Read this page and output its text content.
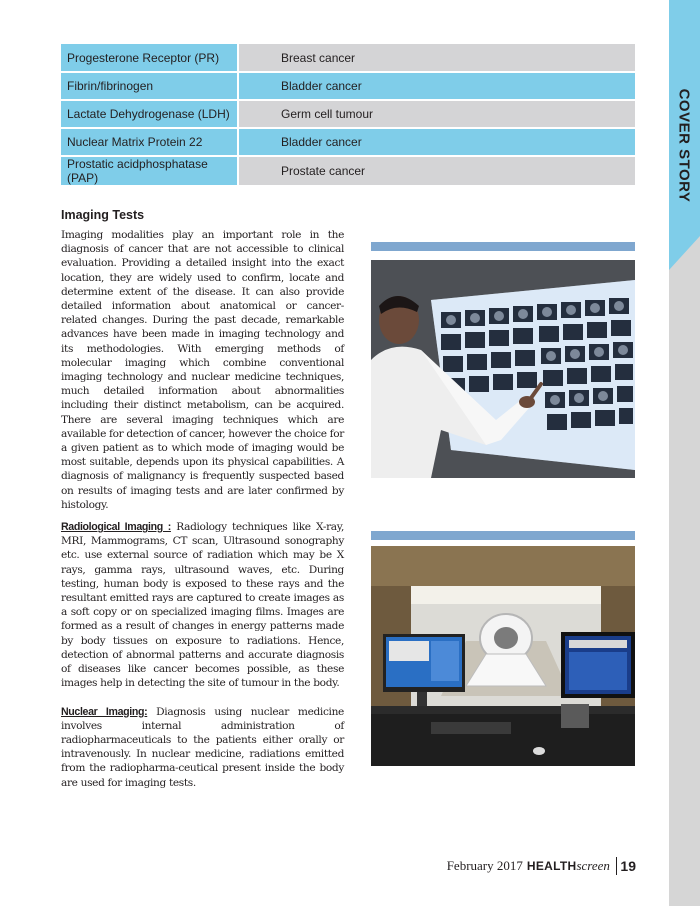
COVER STORY
Progesterone Receptor (PR)	Breast cancer
Fibrin/fibrinogen	Bladder cancer
Lactate Dehydrogenase (LDH)	Germ cell tumour
Nuclear Matrix Protein 22	Bladder cancer
Prostatic acidphosphatase (PAP)	Prostate cancer
Imaging Tests

Imaging modalities play an important role in the diagnosis of cancer that are not accessible to clinical evaluation. Providing a detailed insight into the exact location, they are widely used to confirm, locate and determine extent of the disease. It can also provide detailed information about anatomical or cancer-related changes. During the past decade, remarkable advances have been made in imaging technology and its methodologies. With emerging methods of molecular imaging which combine conventional imaging technology and nuclear medicine techniques, much detailed information about abnormalities including their distinct metabolism, can be acquired. There are several imaging techniques which are available for detection of cancer, however the choice for a given patient as to which mode of imaging would be most suitable, depends upon its physical capabilities. A diagnosis of malignancy is frequently suspected based on results of imaging tests and are later confirmed by histology.

Radiological Imaging : Radiology techniques like X-ray, MRI, Mammograms, CT scan, Ultrasound sonography etc. use external source of radiation which may be X rays, gamma rays, ultrasound waves, etc. During testing, human body is exposed to these rays and the resultant emitted rays are captured to create images as a soft copy or on specialized imaging films. Images are formed as a result of changes in energy patterns made by body tissues on exposure to radiations. Hence, detection of abnormal patterns and accurate diagnosis of diseases like cancer becomes possible, as these images help in detecting the site of tumour in the body.

Nuclear Imaging: Diagnosis using nuclear medicine involves internal administration of radiopharmaceuticals to the patients either orally or intravenously. In nuclear medicine, radiations emitted from the radiopharma-ceutical present inside the body are used for imaging tests.

February 2017 HEALTH screen 19
